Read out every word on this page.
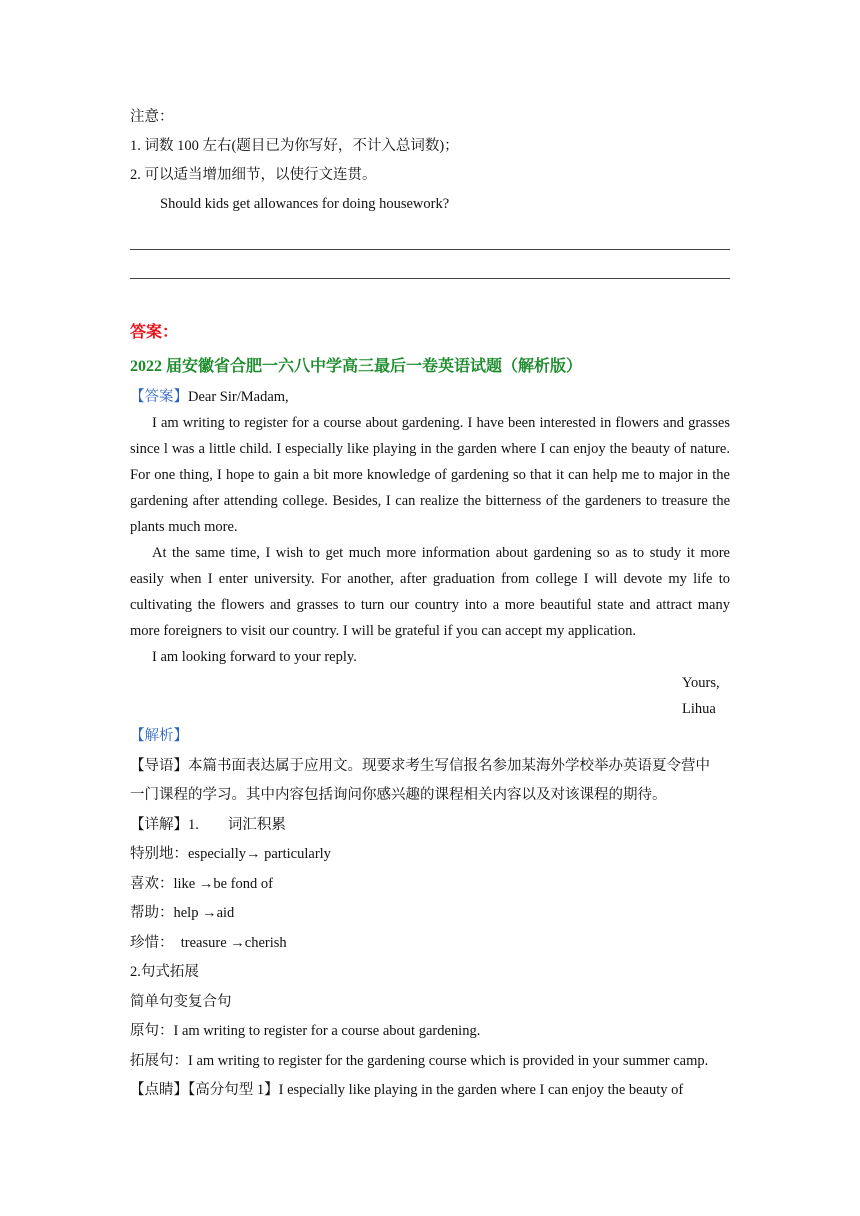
注意：
1. 词数 100 左右(题目已为你写好，不计入总词数)；
2. 可以适当增加细节，以使行文连贯。
Should kids get allowances for doing housework?
答案：
2022 届安徽省合肥一六八中学高三最后一卷英语试题（解析版）
【答案】Dear Sir/Madam,

I am writing to register for a course about gardening. I have been interested in flowers and grasses since l was a little child. I especially like playing in the garden where I can enjoy the beauty of nature. For one thing, I hope to gain a bit more knowledge of gardening so that it can help me to major in the gardening after attending college. Besides, I can realize the bitterness of the gardeners to treasure the plants much more.

At the same time, I wish to get much more information about gardening so as to study it more easily when I enter university. For another, after graduation from college I will devote my life to cultivating the flowers and grasses to turn our country into a more beautiful state and attract many more foreigners to visit our country. I will be grateful if you can accept my application.

I am looking forward to your reply.

Yours,
Lihua
【解析】
【导语】本篇书面表达属于应用文。现要求考生写信报名参加某海外学校举办英语夏令营中
一门课程的学习。其中内容包括询问你感兴趣的课程相关内容以及对该课程的期待。
【详解】1.        词汇积累
特别地：especially→ particularly
喜欢：like →be fond of
帮助：help →aid
珍惜：  treasure →cherish
2.句式拓展
简单句变复合句
原句：I am writing to register for a course about gardening.
拓展句：I am writing to register for the gardening course which is provided in your summer camp.
【点睛】【高分句型 1】I especially like playing in the garden where I can enjoy the beauty of
